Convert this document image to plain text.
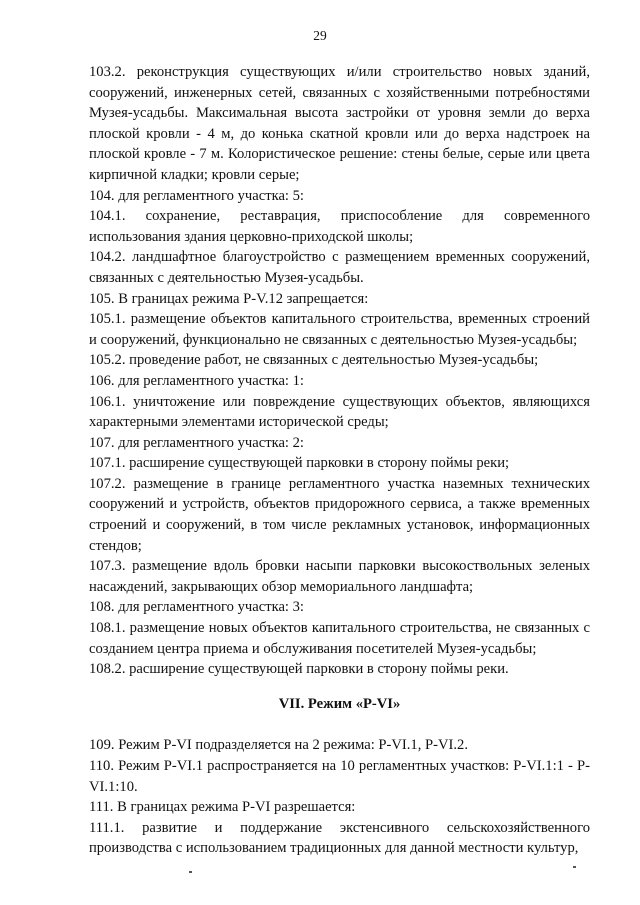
29

103.2. реконструкция существующих и/или строительство новых зданий, сооружений, инженерных сетей, связанных с хозяйственными потребностями Музея-усадьбы. Максимальная высота застройки от уровня земли до верха плоской кровли - 4 м, до конька скатной кровли или до верха надстроек на плоской кровле - 7 м. Колористическое решение: стены белые, серые или цвета кирпичной кладки; кровли серые;

104. для регламентного участка: 5:

104.1. сохранение, реставрация, приспособление для современного использования здания церковно-приходской школы;

104.2. ландшафтное благоустройство с размещением временных сооружений, связанных с деятельностью Музея-усадьбы.

105. В границах режима Р-V.12 запрещается:

105.1. размещение объектов капитального строительства, временных строений и сооружений, функционально не связанных с деятельностью Музея-усадьбы;

105.2. проведение работ, не связанных с деятельностью Музея-усадьбы;

106. для регламентного участка: 1:

106.1. уничтожение или повреждение существующих объектов, являющихся характерными элементами исторической среды;

107. для регламентного участка: 2:

107.1. расширение существующей парковки в сторону поймы реки;

107.2. размещение в границе регламентного участка наземных технических сооружений и устройств, объектов придорожного сервиса, а также временных строений и сооружений, в том числе рекламных установок, информационных стендов;

107.3. размещение вдоль бровки насыпи парковки высокоствольных зеленых насаждений, закрывающих обзор мемориального ландшафта;

108. для регламентного участка: 3:

108.1. размещение новых объектов капитального строительства, не связанных с созданием центра приема и обслуживания посетителей Музея-усадьбы;

108.2. расширение существующей парковки в сторону поймы реки.

VII. Режим «Р-VI»

109. Режим Р-VI подразделяется на 2 режима: Р-VI.1, Р-VI.2.

110. Режим Р-VI.1 распространяется на 10 регламентных участков: Р-VI.1:1 - Р-VI.1:10.

111. В границах режима Р-VI разрешается:

111.1. развитие и поддержание экстенсивного сельскохозяйственного производства с использованием традиционных для данной местности культур,
